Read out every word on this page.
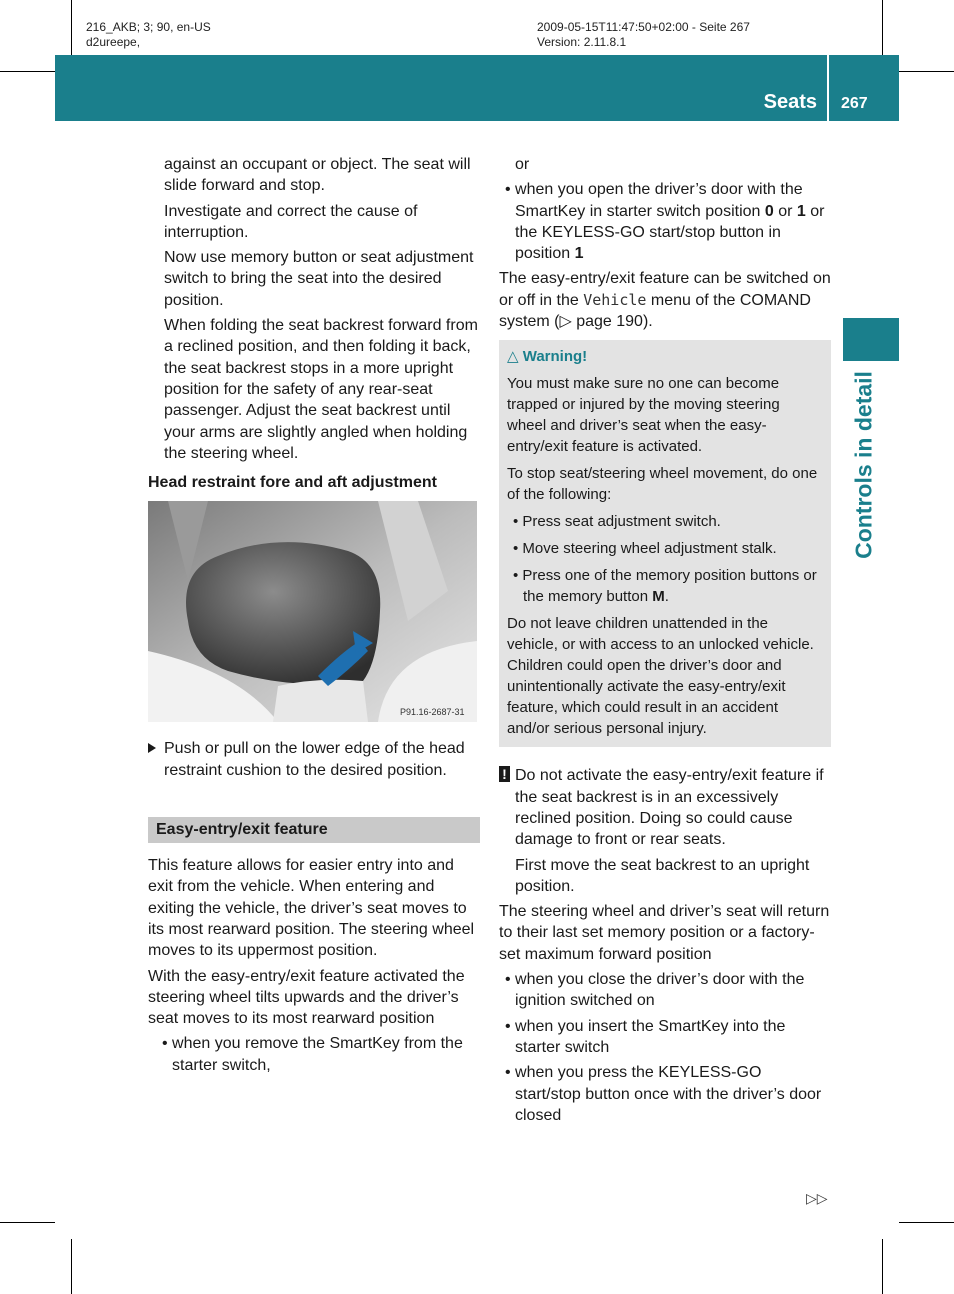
216_AKB; 3; 90, en-US
d2ureepe,
2009-05-15T11:47:50+02:00 - Seite 267
Version: 2.11.8.1
Seats 267
Controls in detail

against an occupant or object. The seat will slide forward and stop.

Investigate and correct the cause of interruption.

Now use memory button or seat adjustment switch to bring the seat into the desired position.

When folding the seat backrest forward from a reclined position, and then folding it back, the seat backrest stops in a more upright position for the safety of any rear-seat passenger. Adjust the seat backrest until your arms are slightly angled when holding the steering wheel.

Head restraint fore and aft adjustment

P91.16-2687-31

Push or pull on the lower edge of the head restraint cushion to the desired position.

Easy-entry/exit feature

This feature allows for easier entry into and exit from the vehicle. When entering and exiting the vehicle, the driver’s seat moves to its most rearward position. The steering wheel moves to its uppermost position.

With the easy-entry/exit feature activated the steering wheel tilts upwards and the driver’s seat moves to its most rearward position

• when you remove the SmartKey from the starter switch,

or

• when you open the driver’s door with the SmartKey in starter switch position 0 or 1 or the KEYLESS-GO start/stop button in position 1

The easy-entry/exit feature can be switched on or off in the Vehicle menu of the COMAND system (▷ page 190).

△ Warning!

You must make sure no one can become trapped or injured by the moving steering wheel and driver’s seat when the easy-entry/exit feature is activated.

To stop seat/steering wheel movement, do one of the following:

• Press seat adjustment switch.

• Move steering wheel adjustment stalk.

• Press one of the memory position buttons or the memory button M.

Do not leave children unattended in the vehicle, or with access to an unlocked vehicle. Children could open the driver’s door and unintentionally activate the easy-entry/exit feature, which could result in an accident and/or serious personal injury.

! Do not activate the easy-entry/exit feature if the seat backrest is in an excessively reclined position. Doing so could cause damage to front or rear seats.

First move the seat backrest to an upright position.

The steering wheel and driver’s seat will return to their last set memory position or a factory-set maximum forward position

• when you close the driver’s door with the ignition switched on

• when you insert the SmartKey into the starter switch

• when you press the KEYLESS-GO start/stop button once with the driver’s door closed

▷▷
